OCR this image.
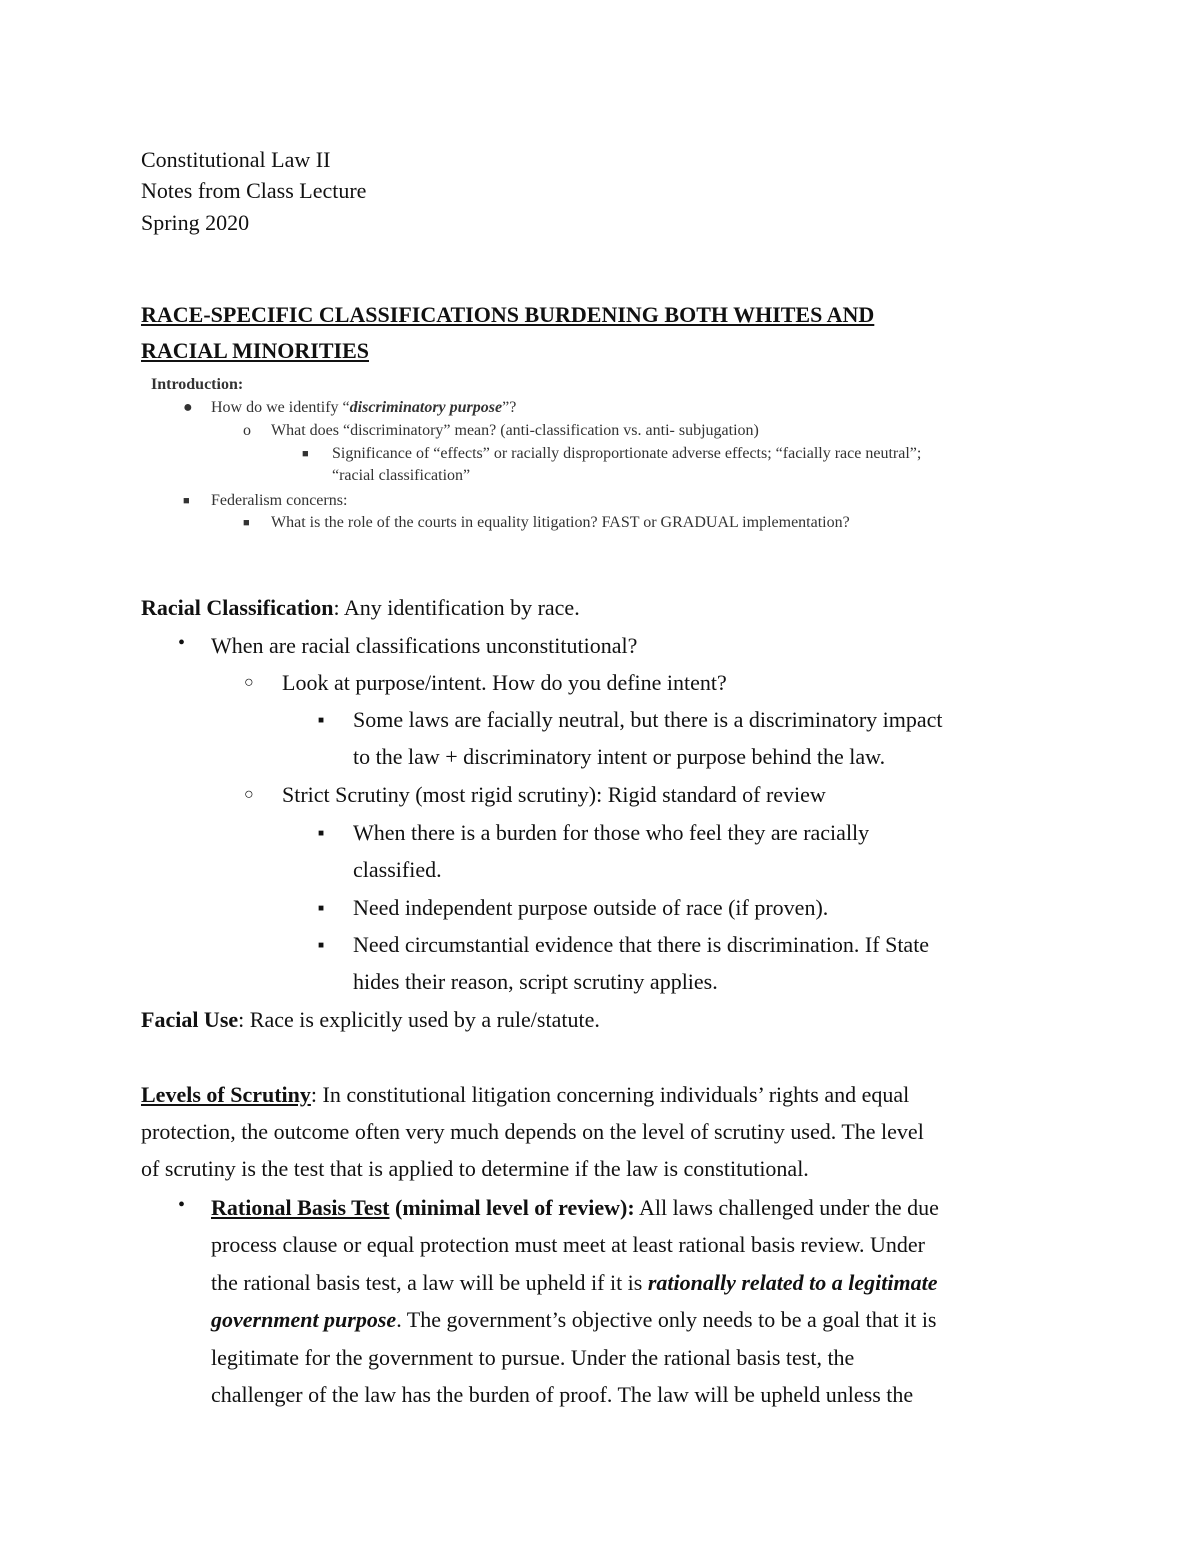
Constitutional Law II
Notes from Class Lecture
Spring 2020
RACE-SPECIFIC CLASSIFICATIONS BURDENING BOTH WHITES AND
RACIAL MINORITIES
Introduction:
● How do we identify “discriminatory purpose”?
o What does “discriminatory” mean? (anti-classification vs. anti- subjugation)
■ Significance of “effects” or racially disproportionate adverse effects; “facially race neutral”;
“racial classification”
■ Federalism concerns:
■ What is the role of the courts in equality litigation? FAST or GRADUAL implementation?
Racial Classification: Any identification by race.
• When are racial classifications unconstitutional?
○ Look at purpose/intent. How do you define intent?
■ Some laws are facially neutral, but there is a discriminatory impact
to the law + discriminatory intent or purpose behind the law.
○ Strict Scrutiny (most rigid scrutiny): Rigid standard of review
■ When there is a burden for those who feel they are racially
classified.
■ Need independent purpose outside of race (if proven).
■ Need circumstantial evidence that there is discrimination. If State
hides their reason, script scrutiny applies.
Facial Use: Race is explicitly used by a rule/statute.
Levels of Scrutiny: In constitutional litigation concerning individuals’ rights and equal
protection, the outcome often very much depends on the level of scrutiny used. The level
of scrutiny is the test that is applied to determine if the law is constitutional.
• Rational Basis Test (minimal level of review): All laws challenged under the due
process clause or equal protection must meet at least rational basis review. Under
the rational basis test, a law will be upheld if it is rationally related to a legitimate
government purpose. The government’s objective only needs to be a goal that it is
legitimate for the government to pursue. Under the rational basis test, the
challenger of the law has the burden of proof. The law will be upheld unless the
